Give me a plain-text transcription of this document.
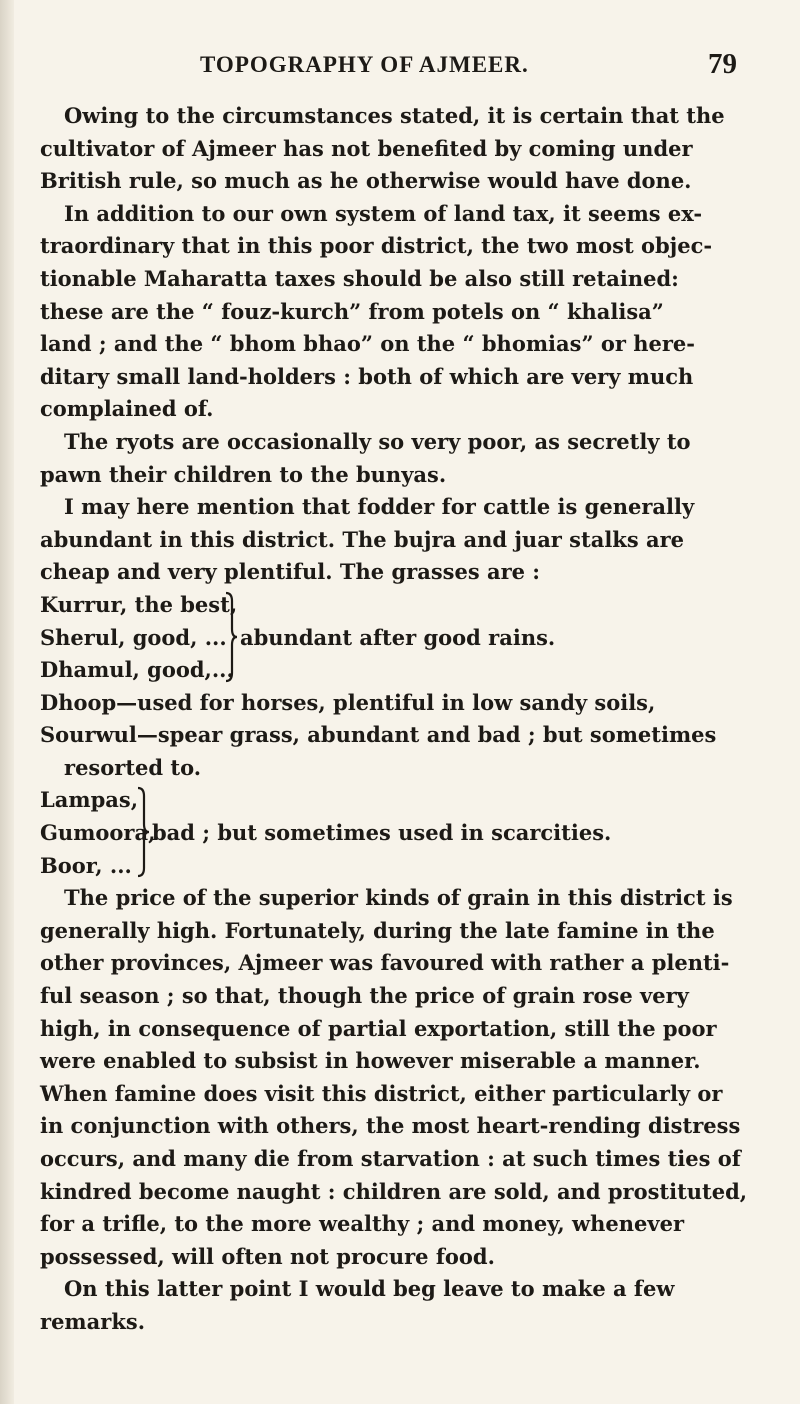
TOPOGRAPHY OF AJMEER.	79
Owing to the circumstances stated, it is certain that the
cultivator of Ajmeer has not benefited by coming under
British rule, so much as he otherwise would have done.
In addition to our own system of land tax, it seems ex-
traordinary that in this poor district, the two most objec-
tionable Maharatta taxes should be also still retained:
these are the “ fouz-kurch” from potels on “ khalisa”
land ; and the “ bhom bhao” on the “ bhomias” or here-
ditary small land-holders : both of which are very much
complained of.
The ryots are occasionally so very poor, as secretly to
pawn their children to the bunyas.
I may here mention that fodder for cattle is generally
abundant in this district. The bujra and juar stalks are
cheap and very plentiful. The grasses are :
Kurrur, the best,
Sherul, good, ...
Dhamul, good,...
abundant after good rains.
Dhoop—used for horses, plentiful in low sandy soils,
Sourwul—spear grass, abundant and bad ; but sometimes
resorted to.
Lampas,
Gumoora,
Boor, ...
bad ; but sometimes used in scarcities.
The price of the superior kinds of grain in this district is
generally high. Fortunately, during the late famine in the
other provinces, Ajmeer was favoured with rather a plenti-
ful season ; so that, though the price of grain rose very
high, in consequence of partial exportation, still the poor
were enabled to subsist in however miserable a manner.
When famine does visit this district, either particularly or
in conjunction with others, the most heart-rending distress
occurs, and many die from starvation : at such times ties of
kindred become naught : children are sold, and prostituted,
for a trifle, to the more wealthy ; and money, whenever
possessed, will often not procure food.
On this latter point I would beg leave to make a few
remarks.
